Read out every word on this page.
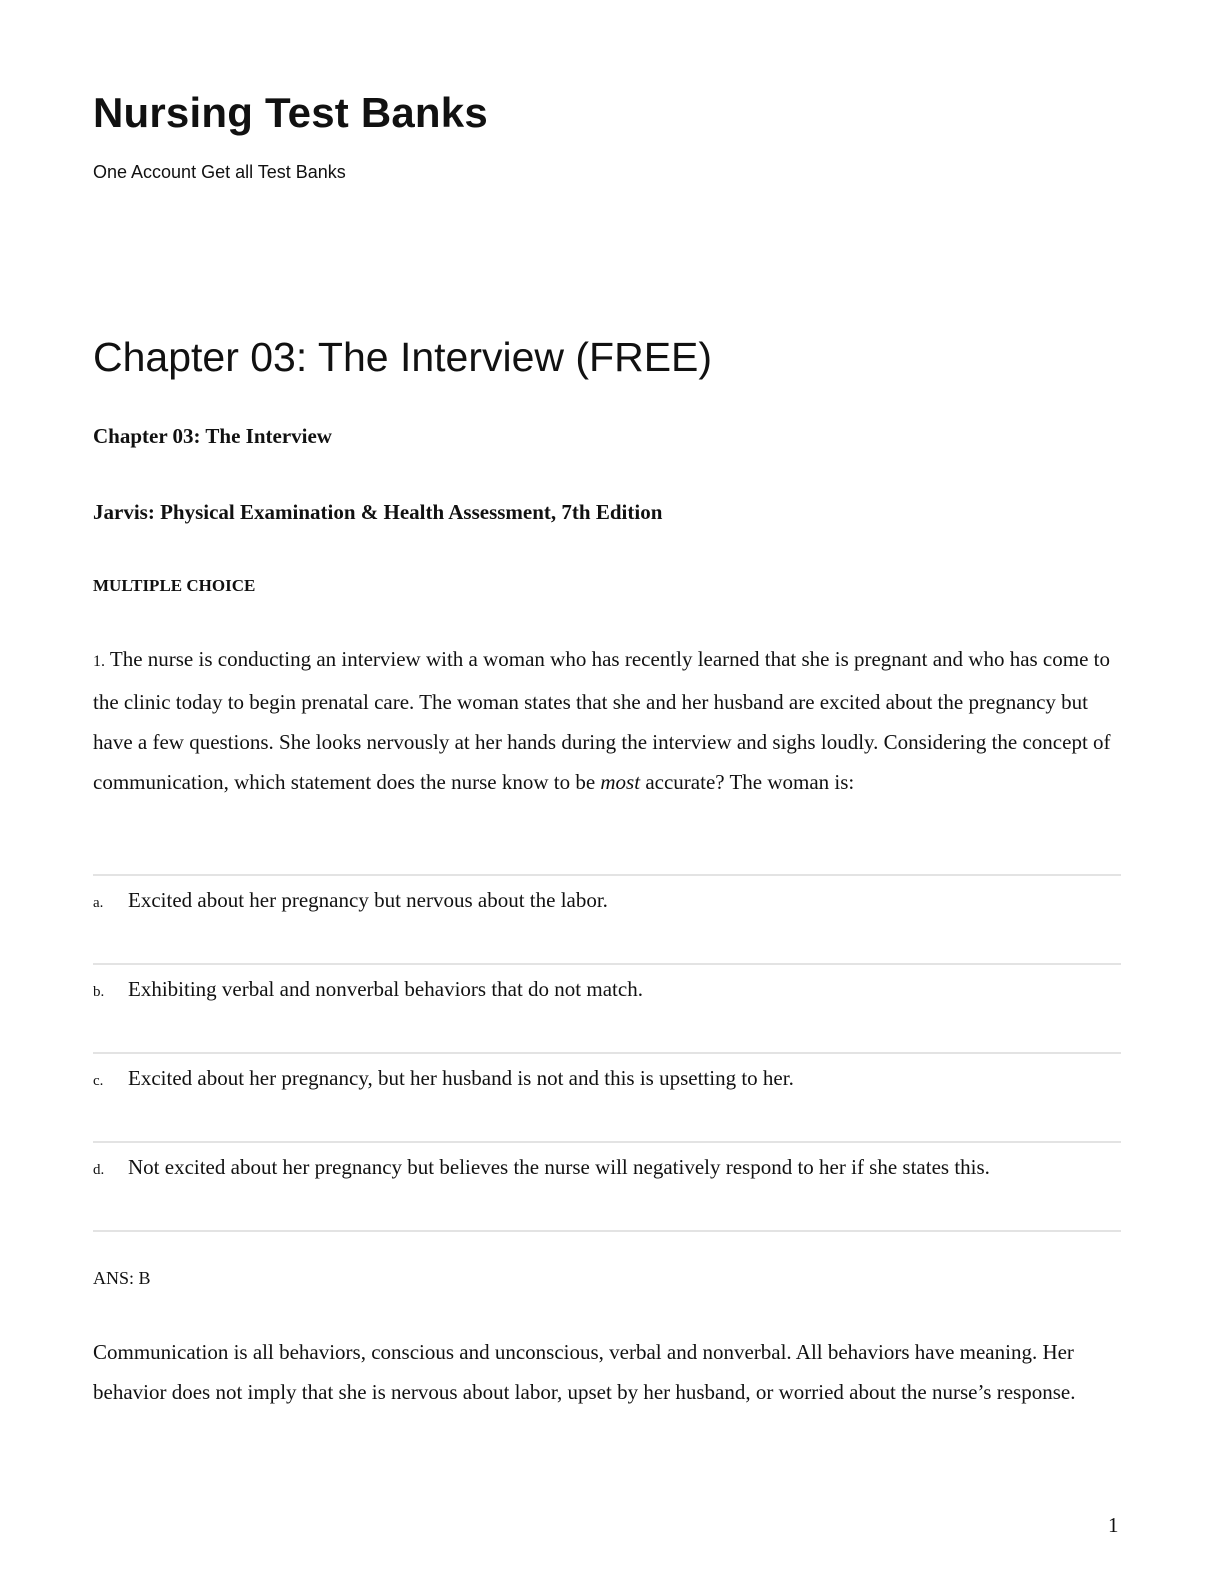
Nursing Test Banks

One Account Get all Test Banks

Chapter 03: The Interview (FREE)
Chapter 03: The Interview
Jarvis: Physical Examination & Health Assessment, 7th Edition

MULTIPLE CHOICE

1. The nurse is conducting an interview with a woman who has recently learned that she is pregnant and who has come to the clinic today to begin prenatal care. The woman states that she and her husband are excited about the pregnancy but have a few questions. She looks nervously at her hands during the interview and sighs loudly. Considering the concept of communication, which statement does the nurse know to be most accurate? The woman is:

a. Excited about her pregnancy but nervous about the labor.
b. Exhibiting verbal and nonverbal behaviors that do not match.
c. Excited about her pregnancy, but her husband is not and this is upsetting to her.
d. Not excited about her pregnancy but believes the nurse will negatively respond to her if she states this.

ANS: B

Communication is all behaviors, conscious and unconscious, verbal and nonverbal. All behaviors have meaning. Her behavior does not imply that she is nervous about labor, upset by her husband, or worried about the nurse’s response.

1
